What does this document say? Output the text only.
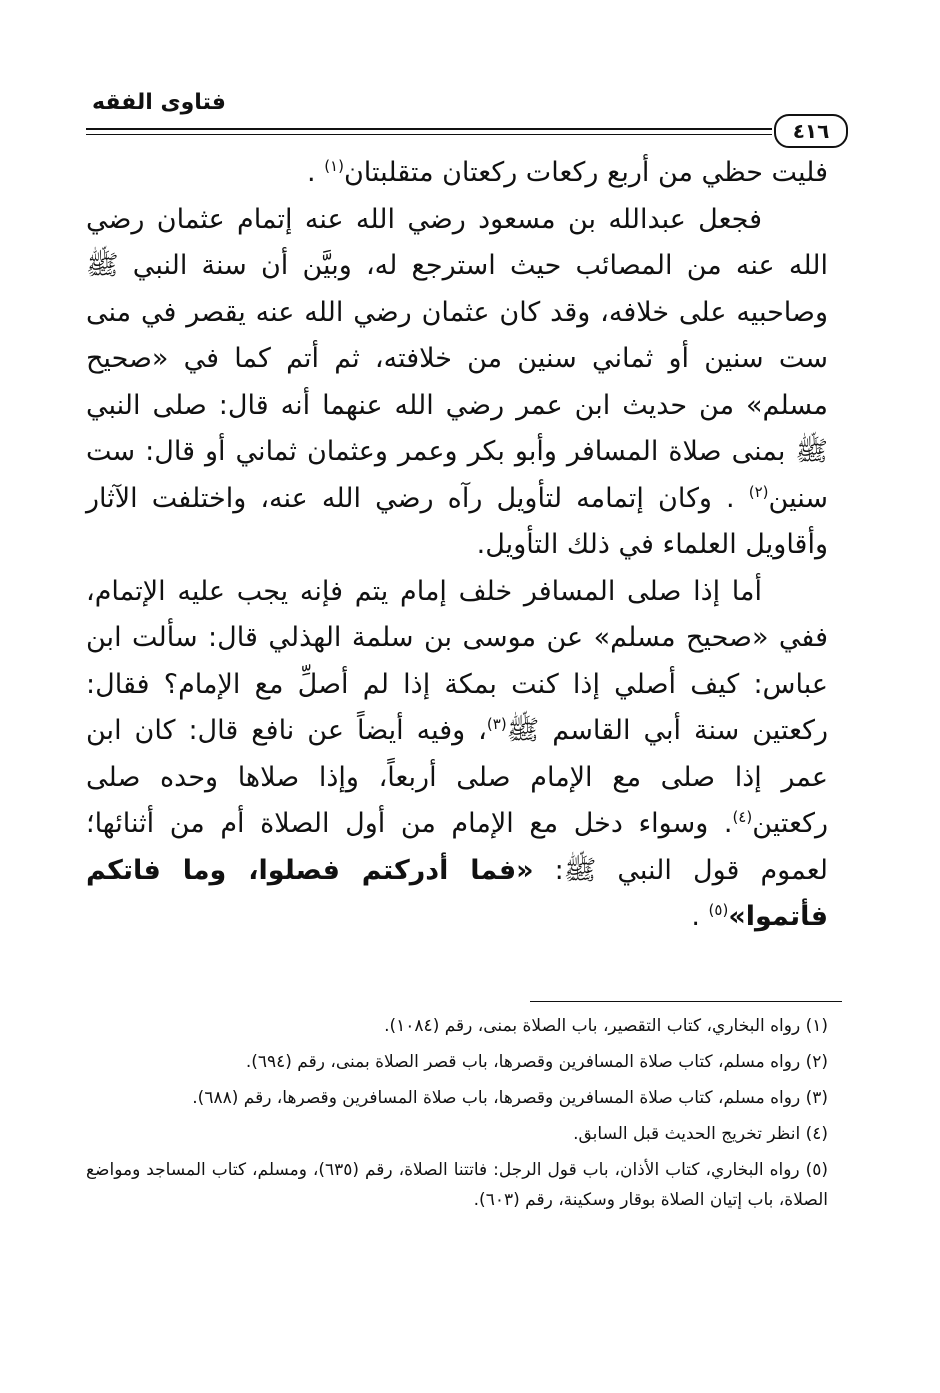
فتاوى الفقه
٤١٦

فليت حظي من أربع ركعات ركعتان متقلبتان$^{(١)}$ .

فجعل عبدالله بن مسعود رضي الله عنه إتمام عثمان رضي الله عنه من المصائب حيث استرجع له، وبيَّن أن سنة النبي ﷺ وصاحبيه على خلافه، وقد كان عثمان رضي الله عنه يقصر في منى ست سنين أو ثماني سنين من خلافته، ثم أتم كما في «صحيح مسلم» من حديث ابن عمر رضي الله عنهما أنه قال: صلى النبي ﷺ بمنى صلاة المسافر وأبو بكر وعمر وعثمان ثماني أو قال: ست سنين$^{(٢)}$ . وكان إتمامه لتأويل رآه رضي الله عنه، واختلفت الآثار وأقاويل العلماء في ذلك التأويل.

أما إذا صلى المسافر خلف إمام يتم فإنه يجب عليه الإتمام، ففي «صحيح مسلم» عن موسى بن سلمة الهذلي قال: سألت ابن عباس: كيف أصلي إذا كنت بمكة إذا لم أصلِّ مع الإمام؟ فقال: ركعتين سنة أبي القاسم ﷺ$^{(٣)}$، وفيه أيضاً عن نافع قال: كان ابن عمر إذا صلى مع الإمام صلى أربعاً، وإذا صلاها وحده صلى ركعتين$^{(٤)}$. وسواء دخل مع الإمام من أول الصلاة أم من أثنائها؛ لعموم قول النبي ﷺ: «فما أدركتم فصلوا، وما فاتكم فأتموا»$^{(٥)}$ .

(١) رواه البخاري، كتاب التقصير، باب الصلاة بمنى، رقم (١٠٨٤).

(٢) رواه مسلم، كتاب صلاة المسافرين وقصرها، باب قصر الصلاة بمنى، رقم (٦٩٤).

(٣) رواه مسلم، كتاب صلاة المسافرين وقصرها، باب صلاة المسافرين وقصرها، رقم (٦٨٨).

(٤) انظر تخريج الحديث قبل السابق.

(٥) رواه البخاري، كتاب الأذان، باب قول الرجل: فاتتنا الصلاة، رقم (٦٣٥)، ومسلم، كتاب المساجد ومواضع الصلاة، باب إتيان الصلاة بوقار وسكينة، رقم (٦٠٣).
